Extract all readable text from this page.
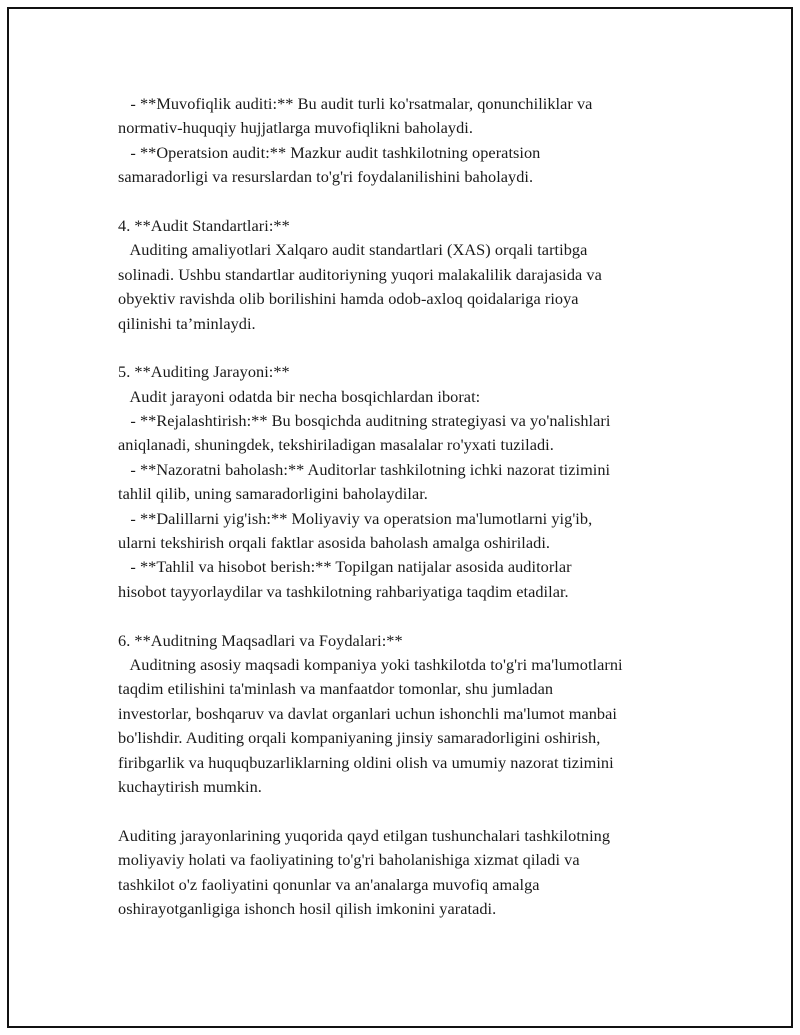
- **Muvofiqlik auditi:** Bu audit turli ko'rsatmalar, qonunchiliklar va
normativ-huquqiy hujjatlarga muvofiqlikni baholaydi.
- **Operatsion audit:** Mazkur audit tashkilotning operatsion
samaradorligi va resurslardan to'g'ri foydalanilishini baholaydi.
4. **Audit Standartlari:**
Auditing amaliyotlari Xalqaro audit standartlari (XAS) orqali tartibga
solinadi. Ushbu standartlar auditoriyning yuqori malakalilik darajasida va
obyektiv ravishda olib borilishini hamda odob-axloq qoidalariga rioya
qilinishi ta’minlaydi.
5. **Auditing Jarayoni:**
Audit jarayoni odatda bir necha bosqichlardan iborat:
- **Rejalashtirish:** Bu bosqichda auditning strategiyasi va yo'nalishlari
aniqlanadi, shuningdek, tekshiriladigan masalalar ro'yxati tuziladi.
- **Nazoratni baholash:** Auditorlar tashkilotning ichki nazorat tizimini
tahlil qilib, uning samaradorligini baholaydilar.
- **Dalillarni yig'ish:** Moliyaviy va operatsion ma'lumotlarni yig'ib,
ularni tekshirish orqali faktlar asosida baholash amalga oshiriladi.
- **Tahlil va hisobot berish:** Topilgan natijalar asosida auditorlar
hisobot tayyorlaydilar va tashkilotning rahbariyatiga taqdim etadilar.
6. **Auditning Maqsadlari va Foydalari:**
Auditning asosiy maqsadi kompaniya yoki tashkilotda to'g'ri ma'lumotlarni
taqdim etilishini ta'minlash va manfaatdor tomonlar, shu jumladan
investorlar, boshqaruv va davlat organlari uchun ishonchli ma'lumot manbai
bo'lishdir. Auditing orqali kompaniyaning jinsiy samaradorligini oshirish,
firibgarlik va huquqbuzarliklarning oldini olish va umumiy nazorat tizimini
kuchaytirish mumkin.
Auditing jarayonlarining yuqorida qayd etilgan tushunchalari tashkilotning
moliyaviy holati va faoliyatining to'g'ri baholanishiga xizmat qiladi va
tashkilot o'z faoliyatini qonunlar va an'analarga muvofiq amalga
oshirayotganligiga ishonch hosil qilish imkonini yaratadi.
